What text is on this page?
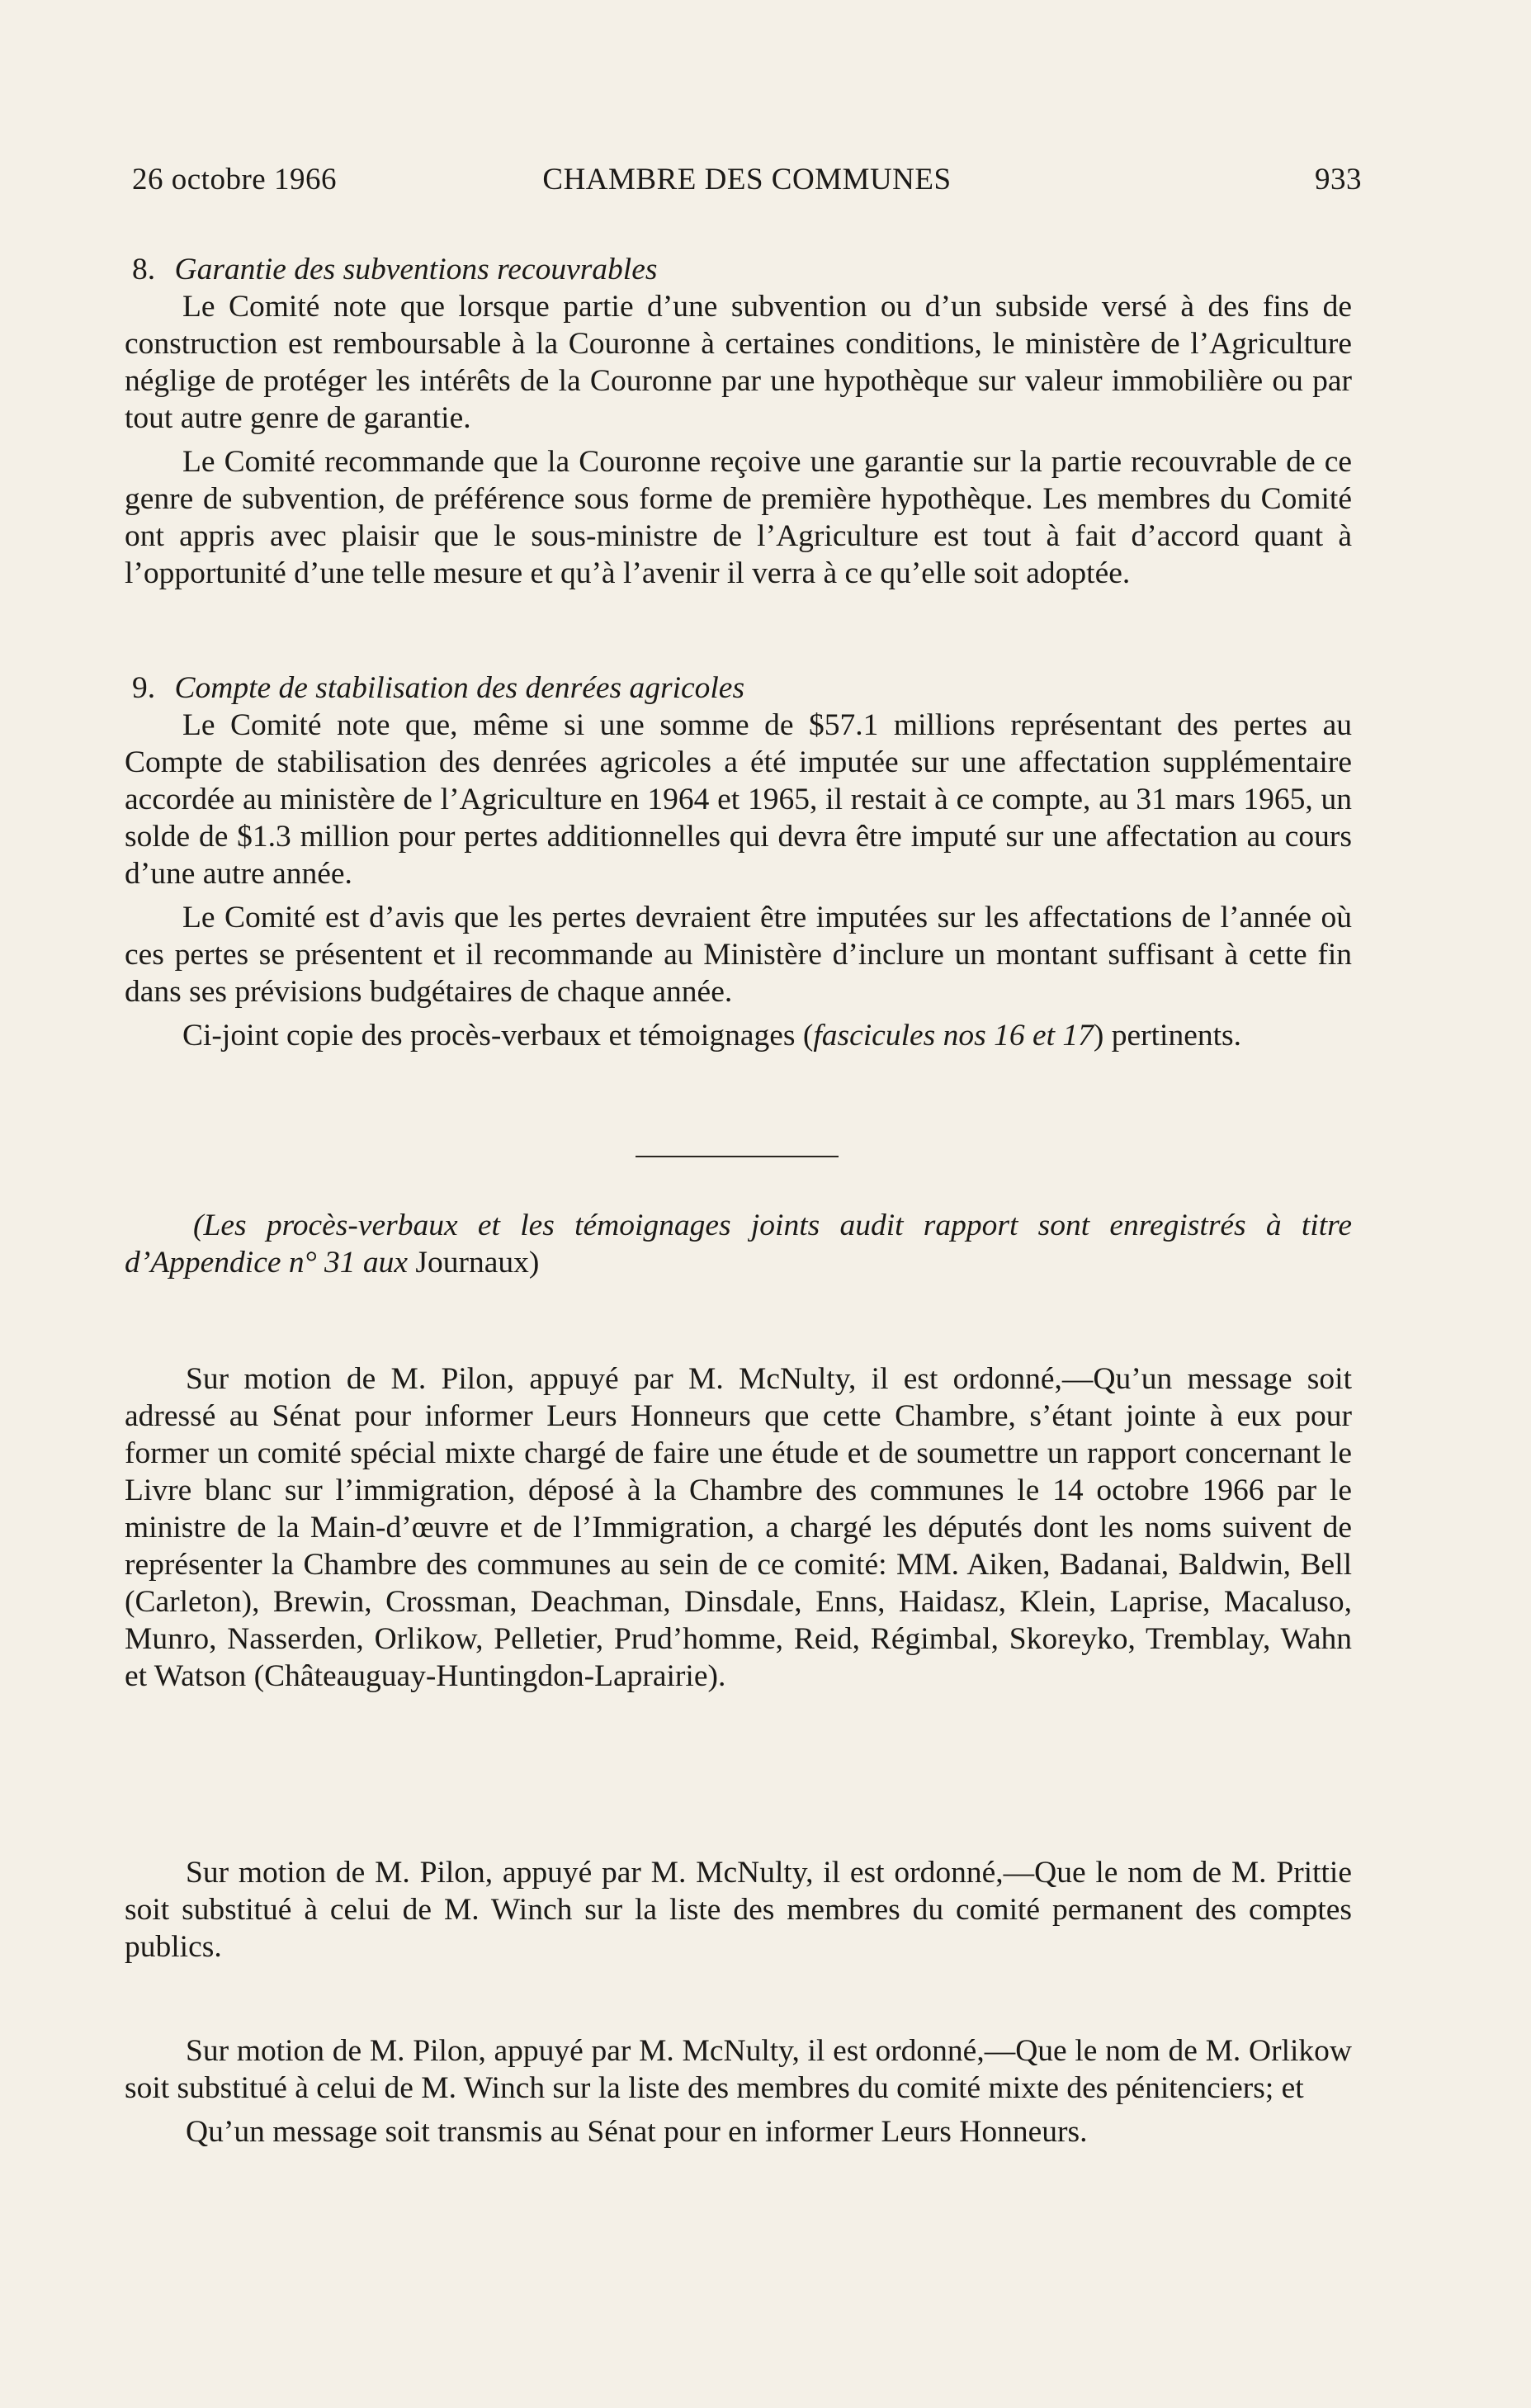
26 octobre 1966	CHAMBRE DES COMMUNES	933
8. Garantie des subventions recouvrables

Le Comité note que lorsque partie d’une subvention ou d’un subside versé à des fins de construction est remboursable à la Couronne à certaines conditions, le ministère de l’Agriculture néglige de protéger les intérêts de la Couronne par une hypothèque sur valeur immobilière ou par tout autre genre de garantie.

Le Comité recommande que la Couronne reçoive une garantie sur la partie recouvrable de ce genre de subvention, de préférence sous forme de première hypothèque. Les membres du Comité ont appris avec plaisir que le sous-ministre de l’Agriculture est tout à fait d’accord quant à l’opportunité d’une telle mesure et qu’à l’avenir il verra à ce qu’elle soit adoptée.

9. Compte de stabilisation des denrées agricoles

Le Comité note que, même si une somme de $57.1 millions représentant des pertes au Compte de stabilisation des denrées agricoles a été imputée sur une affectation supplémentaire accordée au ministère de l’Agriculture en 1964 et 1965, il restait à ce compte, au 31 mars 1965, un solde de $1.3 million pour pertes additionnelles qui devra être imputé sur une affectation au cours d’une autre année.

Le Comité est d’avis que les pertes devraient être imputées sur les affectations de l’année où ces pertes se présentent et il recommande au Ministère d’inclure un montant suffisant à cette fin dans ses prévisions budgétaires de chaque année.

Ci-joint copie des procès-verbaux et témoignages (fascicules nos 16 et 17) pertinents.

(Les procès-verbaux et les témoignages joints audit rapport sont enregistrés à titre d’Appendice n° 31 aux Journaux)

Sur motion de M. Pilon, appuyé par M. McNulty, il est ordonné,—Qu’un message soit adressé au Sénat pour informer Leurs Honneurs que cette Chambre, s’étant jointe à eux pour former un comité spécial mixte chargé de faire une étude et de soumettre un rapport concernant le Livre blanc sur l’immigration, déposé à la Chambre des communes le 14 octobre 1966 par le ministre de la Main-d’œuvre et de l’Immigration, a chargé les députés dont les noms suivent de représenter la Chambre des communes au sein de ce comité: MM. Aiken, Badanai, Baldwin, Bell (Carleton), Brewin, Crossman, Deachman, Dinsdale, Enns, Haidasz, Klein, Laprise, Macaluso, Munro, Nasserden, Orlikow, Pelletier, Prud’homme, Reid, Régimbal, Skoreyko, Tremblay, Wahn et Watson (Châteauguay-Huntingdon-Laprairie).

Sur motion de M. Pilon, appuyé par M. McNulty, il est ordonné,—Que le nom de M. Prittie soit substitué à celui de M. Winch sur la liste des membres du comité permanent des comptes publics.

Sur motion de M. Pilon, appuyé par M. McNulty, il est ordonné,—Que le nom de M. Orlikow soit substitué à celui de M. Winch sur la liste des membres du comité mixte des pénitenciers; et

Qu’un message soit transmis au Sénat pour en informer Leurs Honneurs.
